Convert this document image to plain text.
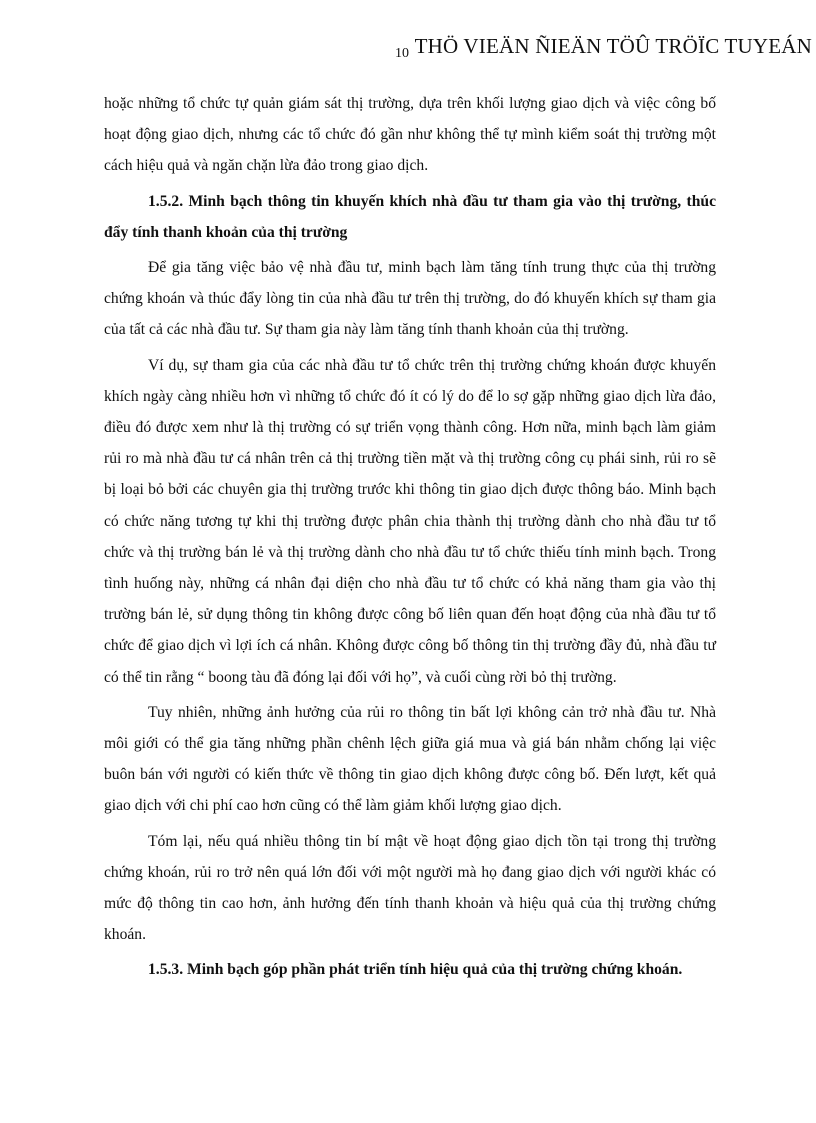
10 THÖ VIEÄN ÑIEÄN TÖÛ TRÖÏC TUYEÁN

hoặc những tổ chức tự quản giám sát thị trường, dựa trên khối lượng giao dịch và việc công bố hoạt động giao dịch, nhưng các tổ chức đó gần như không thể tự mình kiểm soát thị trường một cách hiệu quả và ngăn chặn lừa đảo trong giao dịch.

1.5.2. Minh bạch thông tin khuyến khích nhà đầu tư tham gia vào thị trường, thúc đẩy tính thanh khoản của thị trường

Để gia tăng việc bảo vệ nhà đầu tư, minh bạch làm tăng tính trung thực của thị trường chứng khoán và thúc đẩy lòng tin của nhà đầu tư trên thị trường, do đó khuyến khích sự tham gia của tất cả các nhà đầu tư. Sự tham gia này làm tăng tính thanh khoản của thị trường.

Ví dụ, sự tham gia của các nhà đầu tư tổ chức trên thị trường chứng khoán được khuyến khích ngày càng nhiều hơn vì những tổ chức đó ít có lý do để lo sợ gặp những giao dịch lừa đảo, điều đó được xem như là thị trường có sự triển vọng thành công. Hơn nữa, minh bạch làm giảm rủi ro mà nhà đầu tư cá nhân trên cả thị trường tiền mặt và thị trường công cụ phái sinh, rủi ro sẽ bị loại bỏ bởi các chuyên gia thị trường trước khi thông tin giao dịch được thông báo. Minh bạch có chức năng tương tự khi thị trường được phân chia thành thị trường dành cho nhà đầu tư tổ chức và thị trường bán lẻ và thị trường dành cho nhà đầu tư tổ chức thiếu tính minh bạch. Trong tình huống này, những cá nhân đại diện cho nhà đầu tư tổ chức có khả năng tham gia vào thị trường bán lẻ, sử dụng thông tin không được công bố liên quan đến hoạt động của nhà đầu tư tổ chức để giao dịch vì lợi ích cá nhân. Không được công bố thông tin thị trường đầy đủ, nhà đầu tư có thể tin rằng “ boong tàu đã đóng lại đối với họ”, và cuối cùng rời bỏ thị trường.

Tuy nhiên, những ảnh hưởng của rủi ro thông tin bất lợi không cản trở nhà đầu tư. Nhà môi giới có thể gia tăng những phần chênh lệch giữa giá mua và giá bán nhằm chống lại việc buôn bán với người có kiến thức về thông tin giao dịch không được công bố. Đến lượt, kết quả giao dịch với chi phí cao hơn cũng có thể làm giảm khối lượng giao dịch.

Tóm lại, nếu quá nhiều thông tin bí mật về hoạt động giao dịch tồn tại trong thị trường chứng khoán, rủi ro trở nên quá lớn đối với một người mà họ đang giao dịch với người khác có mức độ thông tin cao hơn, ảnh hưởng đến tính thanh khoản và hiệu quả của thị trường chứng khoán.

1.5.3. Minh bạch góp phần phát triển tính hiệu quả của thị trường chứng khoán.
